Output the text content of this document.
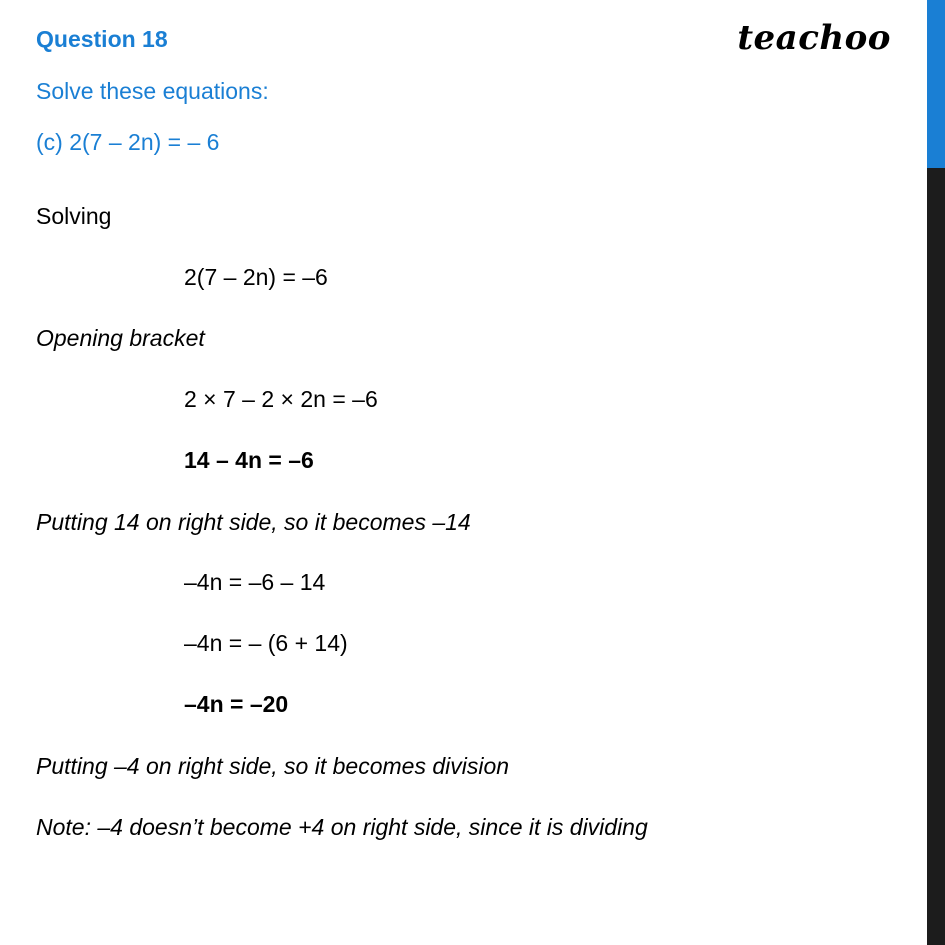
teachoo
Question 18
Solve these equations:
(c) 2(7 – 2n) = – 6
Solving
2(7 – 2n) = –6
Opening bracket
2 × 7 – 2 × 2n = –6
14 – 4n = –6
Putting 14 on right side, so it becomes –14
–4n = –6 – 14
–4n = – (6 + 14)
–4n = –20
Putting –4 on right side, so it becomes division
Note: –4 doesn’t become +4 on right side, since it is dividing
